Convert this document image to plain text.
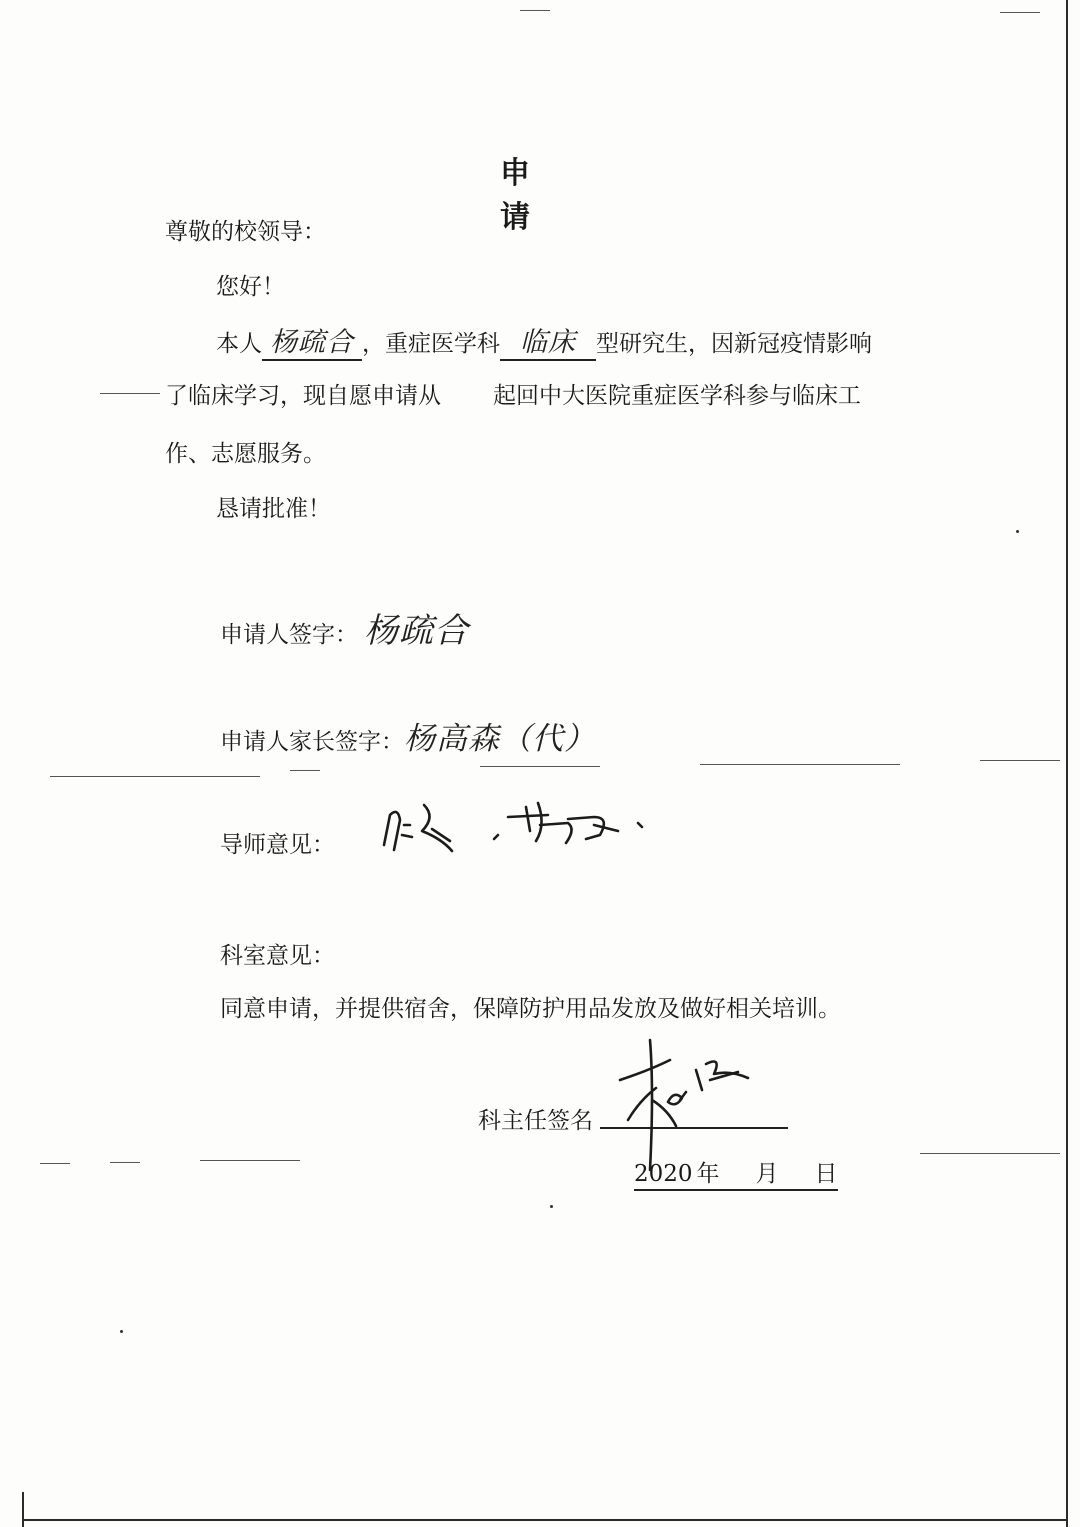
申 请
尊敬的校领导：
您好！
本人 杨疏合 ，重症医学科 临床 型研究生，因新冠疫情影响
了临床学习，现自愿申请从 起回中大医院重症医学科参与临床工
作、志愿服务。
恳请批准！
申请人签字： 杨疏合
申请人家长签字：杨高森（代）
导师意见：
科室意见：
同意申请，并提供宿舍，保障防护用品发放及做好相关培训。
科主任签名
2020 年 月 日
